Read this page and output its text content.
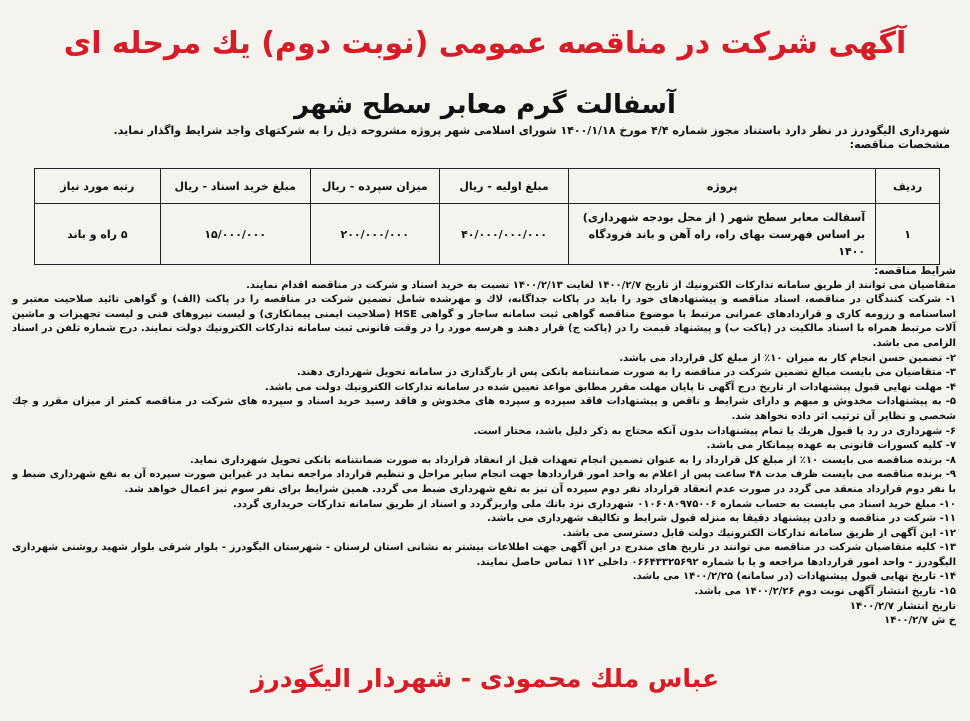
آگهی شرکت در مناقصه عمومی (نوبت دوم) یك مرحله ای
آسفالت گرم معابر سطح شهر

شهرداری الیگودرز در نظر دارد باستناد مجوز شماره ۴/۴ مورخ ۱۴۰۰/۱/۱۸ شورای اسلامی شهر پروژه مشروحه ذیل را به شرکتهای واجد شرایط واگذار نماید.

مشخصات مناقصه:

ردیف	پروژه	مبلغ اولیه - ریال	میزان سپرده - ریال	مبلغ خرید اسناد - ریال	رتبه مورد نیاز
۱	آسفالت معابر سطح شهر ( از محل بودجه شهرداری) بر اساس فهرست بهای راه، راه آهن و باند فرودگاه ۱۴۰۰	۴۰/۰۰۰/۰۰۰/۰۰۰	۲۰۰/۰۰۰/۰۰۰	۱۵/۰۰۰/۰۰۰	۵ راه و باند
شرایط مناقصه:
متقاضیان می توانند از طریق سامانه تدارکات الکترونیك از تاریخ ۱۴۰۰/۲/۷ لغایت ۱۴۰۰/۲/۱۳ نسبت به خرید اسناد و شرکت در مناقصه اقدام نمایند.
۱- شرکت کنندگان در مناقصه، اسناد مناقصه و پیشنهادهای خود را باید در پاکات جداگانه، لاك و مهرشده شامل تضمین شرکت در مناقصه را در پاکت (الف) و گواهی تائید صلاحیت معتبر و اساسنامه و رزومه کاری و قراردادهای عمرانی مرتبط با موضوع مناقصه گواهی ثبت سامانه ساجار و گواهی HSE (صلاحیت ایمنی پیمانکاری) و لیست نیروهای فنی و لیست تجهیزات و ماشین آلات مرتبط همراه با اسناد مالکیت در (پاکت ب) و پیشنهاد قیمت را در (پاکت ج) قرار دهند و هرسه مورد را در وقت قانونی ثبت سامانه تدارکات الکترونیك دولت نمایند. درج شماره تلفن در اسناد الزامی می باشد.
۲- تضمین حسن انجام کار به میزان ۱۰٪ از مبلغ کل قرارداد می باشد.
۳- متقاضیان می بایست مبالغ تضمین شرکت در مناقصه را به صورت ضمانتنامه بانکی پس از بارگذاری در سامانه تحویل شهرداری دهند.
۴- مهلت نهایی قبول پیشنهادات از تاریخ درج آگهی تا پایان مهلت مقرر مطابق مواعد تعیین شده در سامانه تدارکات الکترونیك دولت می باشد.
۵- به پیشنهادات مخدوش و مبهم و دارای شرایط و ناقص و پیشنهادات فاقد سپرده و سپرده های مخدوش و فاقد رسید خرید اسناد و سپرده های شرکت در مناقصه کمتر از میزان مقرر و چك شخصی و نظایر آن ترتیب اثر داده نخواهد شد.
۶- شهرداری در رد یا قبول هریك یا تمام پیشنهادات بدون آنکه محتاج به ذکر دلیل باشد، مختار است.
۷- کلیه کسورات قانونی به عهده پیمانکار می باشد.
۸- برنده مناقصه می بایست ۱۰٪ از مبلغ کل قرارداد را به عنوان تضمین انجام تعهدات قبل از انعقاد قرارداد به صورت ضمانتنامه بانکی تحویل شهرداری نماید.
۹- برنده مناقصه می بایست ظرف مدت ۴۸ ساعت پس از اعلام به واحد امور قراردادها جهت انجام سایر مراحل و تنظیم قرارداد مراجعه نماید در غیراین صورت سپرده آن به نفع شهرداری ضبط و با نفر دوم قرارداد منعقد می گردد در صورت عدم انعقاد قرارداد نفر دوم سپرده آن نیز به نفع شهرداری ضبط می گردد. همین شرایط برای نفر سوم نیز اعمال خواهد شد.
۱۰- مبلغ خرید اسناد می بایست به حساب شماره ۰۱۰۶۰۸۰۹۷۵۰۰۶ شهرداری نزد بانك ملی واریزگردد و اسناد از طریق سامانه تدارکات خریداری گردد.
۱۱- شرکت در مناقصه و دادن پیشنهاد دقیقا به منزله قبول شرایط و تکالیف شهرداری می باشد.
۱۲- این آگهی از طریق سامانه تدارکات الکترونیك دولت قابل دسترسی می باشد.
۱۳- کلیه متقاضیان شرکت در مناقصه می توانند در تاریخ های مندرج در این آگهی جهت اطلاعات بیشتر به نشانی استان لرستان - شهرستان الیگودرز - بلوار شرقی بلوار شهید روشنی شهرداری الیگودرز - واحد امور قراردادها مراجعه و یا با شماره ۰۶۶۴۳۳۲۵۶۹۲ داخلی ۱۱۲ تماس حاصل نمایند.
۱۴- تاریخ نهایی قبول پیشنهادات (در سامانه) ۱۴۰۰/۲/۲۵ می باشد.
۱۵- تاریخ انتشار آگهی نوبت دوم ۱۴۰۰/۲/۲۶ می باشد.
تاریخ انتشار ۱۴۰۰/۲/۷
خ ش ۱۴۰۰/۲/۷
عباس ملك محمودی - شهردار الیگودرز
